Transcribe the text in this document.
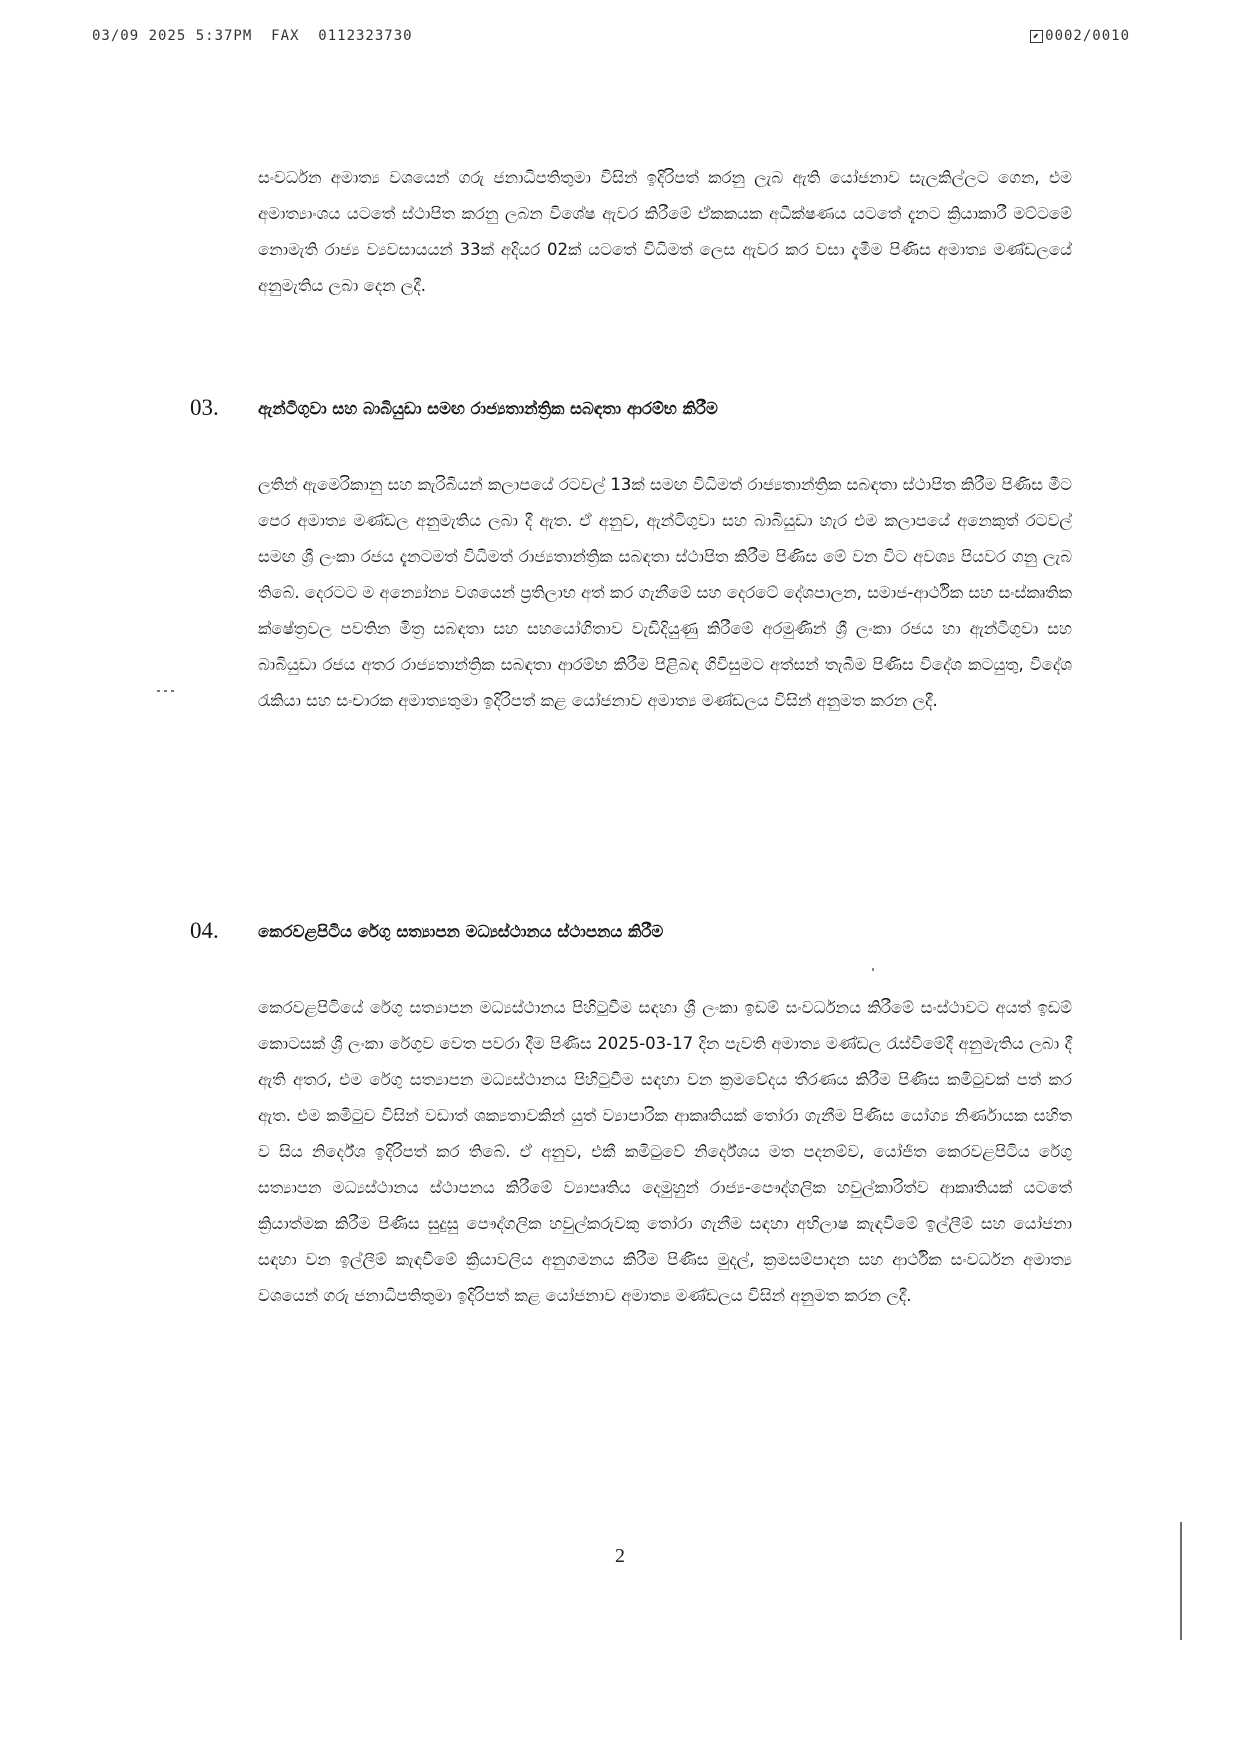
03/09 2025 5:37PM  FAX  0112323730	0002/0010
සංවර්ධන අමාත්‍ය වශයෙන් ගරු ජනාධිපතිතුමා විසින් ඉදිරිපත් කරනු ලැබ ඇති යෝජනාව සැලකිල්ලට ගෙන, එම අමාත්‍යාංශය යටතේ ස්ථාපිත කරනු ලබන විශේෂ ඇවර කිරීමේ ඒකකයක අධීක්ෂණය යටතේ දැනට ක්‍රියාකාරී මට්ටමේ නොමැති රාජ්‍ය ව්‍යවසායයන් 33ක් අදියර 02ක් යටතේ විධිමත් ලෙස ඇවර කර වසා දැමීම පිණිස අමාත්‍ය මණ්ඩලයේ අනුමැතිය ලබා දෙන ලදී.
03. ඇන්ටිගුවා සහ බාබියුඩා සමඟ රාජ්‍යතාන්ත්‍රික සබඳතා ආරම්භ කිරීම
ලතින් ඇමෙරිකානු සහ කැරිබියන් කලාපයේ රටවල් 13ක් සමඟ විධිමත් රාජ්‍යතාන්ත්‍රික සබඳතා ස්ථාපිත කිරීම පිණිස මීට පෙර අමාත්‍ය මණ්ඩල අනුමැතිය ලබා දී ඇත. ඒ අනුව, ඇන්ටිගුවා සහ බාබියුඩා හැර එම කලාපයේ අනෙකුත් රටවල් සමඟ ශ්‍රී ලංකා රජය දැනටමත් විධිමත් රාජ්‍යතාන්ත්‍රික සබඳතා ස්ථාපිත කිරීම පිණිස මේ වන විට අවශ්‍ය පියවර ගනු ලැබ තිබේ. දෙරටට ම අන්‍යෝන්‍ය වශයෙන් ප්‍රතිලාභ අත් කර ගැනීමේ සහ දෙරටේ දේශපාලන, සමාජ-ආර්ථික සහ සංස්කෘතික ක්ෂේත්‍රවල පවතින මිත්‍ර සබඳතා සහ සහයෝගිතාව වැඩිදියුණු කිරීමේ අරමුණින් ශ්‍රී ලංකා රජය හා ඇන්ටිගුවා සහ බාබියුඩා රජය අතර රාජ්‍යතාන්ත්‍රික සබඳතා ආරම්භ කිරීම පිළිබඳ ගිවිසුමට අත්සන් තැබීම පිණිස විදේශ කටයුතු, විදේශ රැකියා සහ සංචාරක අමාත්‍යතුමා ඉදිරිපත් කළ යෝජනාව අමාත්‍ය මණ්ඩලය විසින් අනුමත කරන ලදී.
04. කෙරවළපිටිය රේගු සත්‍යාපන මධ්‍යස්ථානය ස්ථාපනය කිරීම
කෙරවළපිටියේ රේගු සත්‍යාපන මධ්‍යස්ථානය පිහිටුවීම සඳහා ශ්‍රී ලංකා ඉඩම් සංවර්ධනය කිරීමේ සංස්ථාවට අයත් ඉඩම් කොටසක් ශ්‍රී ලංකා රේගුව වෙත පවරා දීම පිණිස 2025-03-17 දින පැවති අමාත්‍ය මණ්ඩල රැස්වීමේදී අනුමැතිය ලබා දී ඇති අතර, එම රේගු සත්‍යාපන මධ්‍යස්ථානය පිහිටුවීම සඳහා වන ක්‍රමවේදය තීරණය කිරීම පිණිස කමිටුවක් පත් කර ඇත. එම කමිටුව විසින් වඩාත් ශක්‍යතාවකින් යුත් ව්‍යාපාරික ආකෘතියක් තෝරා ගැනීම පිණිස යෝග්‍ය නිර්ණායක සහිත ව සිය නිර්දේශ ඉදිරිපත් කර තිබේ. ඒ අනුව, එකී කමිටුවේ නිර්දේශය මත පදනම්ව, යෝජිත කෙරවළපිටිය රේගු සත්‍යාපන මධ්‍යස්ථානය ස්ථාපනය කිරීමේ ව්‍යාපෘතිය දෙමුහුන් රාජ්‍ය-පෞද්ගලික හවුල්කාරිත්ව ආකෘතියක් යටතේ ක්‍රියාත්මක කිරීම පිණිස සුදුසු පෞද්ගලික හවුල්කරුවකු තෝරා ගැනීම සඳහා අභිලාෂ කැඳවීමේ ඉල්ලීම් සහ යෝජනා සඳහා වන ඉල්ලීම් කැඳවීමේ ක්‍රියාවලිය අනුගමනය කිරීම පිණිස මුදල්, ක්‍රමසම්පාදන සහ ආර්ථික සංවර්ධන අමාත්‍ය වශයෙන් ගරු ජනාධිපතිතුමා ඉදිරිපත් කළ යෝජනාව අමාත්‍ය මණ්ඩලය විසින් අනුමත කරන ලදී.
2
